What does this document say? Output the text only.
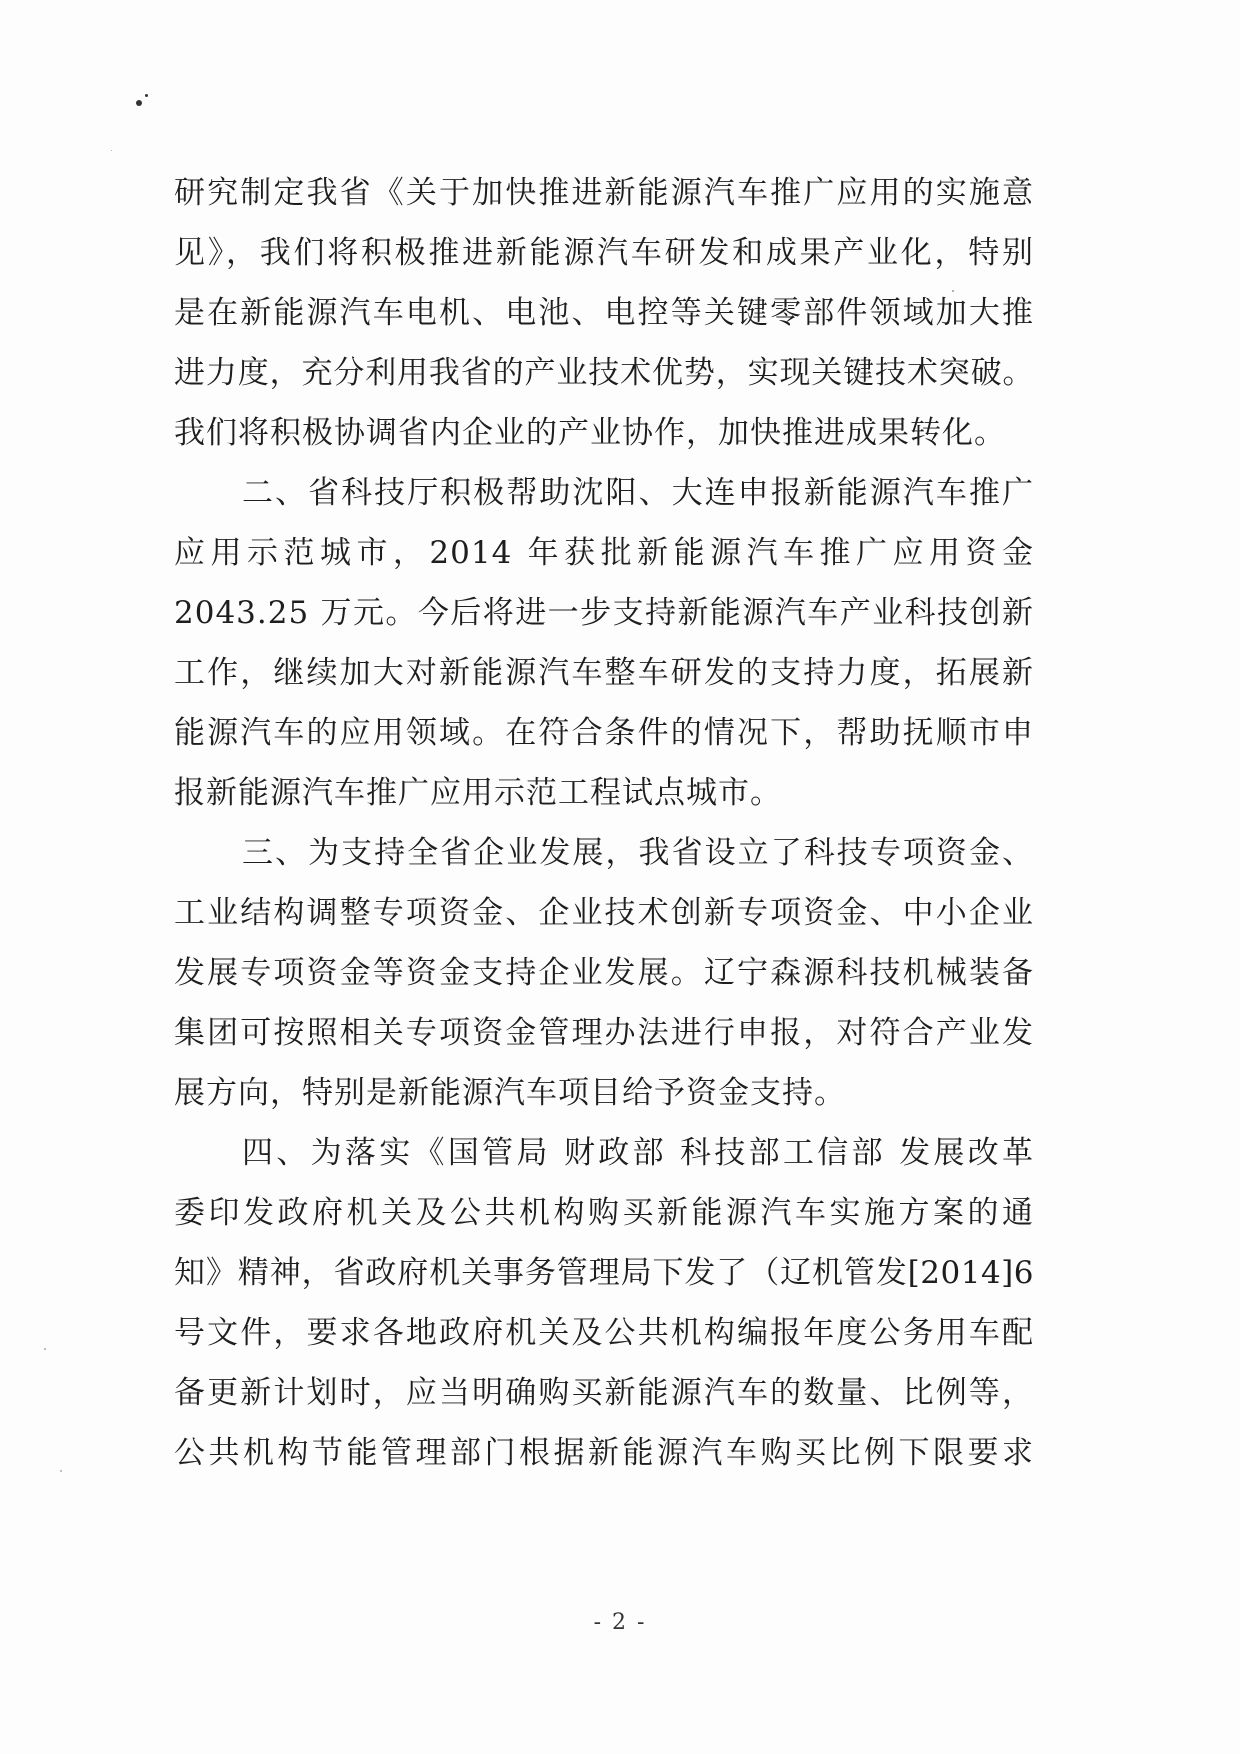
研究制定我省《关于加快推进新能源汽车推广应用的实施意
见》，我们将积极推进新能源汽车研发和成果产业化，特别
是在新能源汽车电机、电池、电控等关键零部件领域加大推
进力度，充分利用我省的产业技术优势，实现关键技术突破。
我们将积极协调省内企业的产业协作，加快推进成果转化。
二、省科技厅积极帮助沈阳、大连申报新能源汽车推广
应用示范城市，2014 年获批新能源汽车推广应用资金
2043.25 万元。今后将进一步支持新能源汽车产业科技创新
工作，继续加大对新能源汽车整车研发的支持力度，拓展新
能源汽车的应用领域。在符合条件的情况下，帮助抚顺市申
报新能源汽车推广应用示范工程试点城市。
三、为支持全省企业发展，我省设立了科技专项资金、
工业结构调整专项资金、企业技术创新专项资金、中小企业
发展专项资金等资金支持企业发展。辽宁森源科技机械装备
集团可按照相关专项资金管理办法进行申报，对符合产业发
展方向，特别是新能源汽车项目给予资金支持。
四、为落实《国管局 财政部 科技部工信部 发展改革
委印发政府机关及公共机构购买新能源汽车实施方案的通
知》精神，省政府机关事务管理局下发了（辽机管发[2014]6
号文件，要求各地政府机关及公共机构编报年度公务用车配
备更新计划时，应当明确购买新能源汽车的数量、比例等，
公共机构节能管理部门根据新能源汽车购买比例下限要求
- 2 -
